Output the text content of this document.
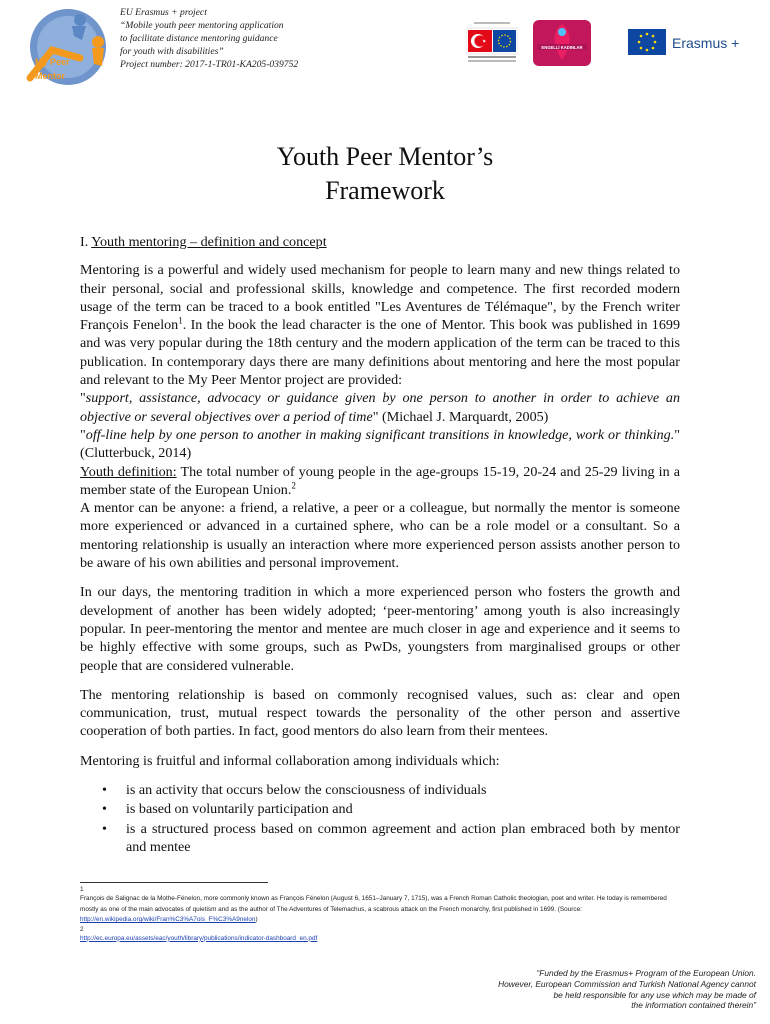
My Peer
Mentor
EU Erasmus + project
“Mobile youth peer mentoring application
to facilitate distance mentoring guidance
for youth with disabilities”
Project number: 2017-1-TR01-KA205-039752
ENGELLİ KADINLAR	Erasmus +
Youth Peer Mentor’s
Framework

I. Youth mentoring – definition and concept

Mentoring is a powerful and widely used mechanism for people to learn many and new things related to their personal, social and professional skills, knowledge and competence. The first recorded modern usage of the term can be traced to a book entitled "Les Aventures de Télémaque", by the French writer François Fenelon$^1$. In the book the lead character is the one of Mentor. This book was published in 1699 and was very popular during the 18th century and the modern application of the term can be traced to this publication. In contemporary days there are many definitions about mentoring and here the most popular and relevant to the My Peer Mentor project are provided:

"support, assistance, advocacy or guidance given by one person to another in order to achieve an objective or several objectives over a period of time" (Michael J. Marquardt, 2005)

"off-line help by one person to another in making significant transitions in knowledge, work or thinking." (Clutterbuck, 2014)

Youth definition: The total number of young people in the age-groups 15-19, 20-24 and 25-29 living in a member state of the European Union.$^2$

A mentor can be anyone: a friend, a relative, a peer or a colleague, but normally the mentor is someone more experienced or advanced in a curtained sphere, who can be a role model or a consultant. So a mentoring relationship is usually an interaction where more experienced person assists another person to be aware of his own abilities and personal improvement.

In our days, the mentoring tradition in which a more experienced person who fosters the growth and development of another has been widely adopted; ‘peer-mentoring’ among youth is also increasingly popular. In peer-mentoring the mentor and mentee are much closer in age and experience and it seems to be highly effective with some groups, such as PwDs, youngsters from marginalised groups or other people that are considered vulnerable.

The mentoring relationship is based on commonly recognised values, such as: clear and open communication, trust, mutual respect towards the personality of the other person and assertive cooperation of both parties. In fact, good mentors do also learn from their mentees.

Mentoring is fruitful and informal collaboration among individuals which:

• is an activity that occurs below the consciousness of individuals
• is based on voluntarily participation and
• is a structured process based on common agreement and action plan embraced both by mentor and mentee
1
François de Salignac de la Mothe-Fénelon, more commonly known as François Fénelon (August 6, 1651–January 7, 1715), was a French Roman Catholic theologian, poet and writer. He today is remembered mostly as one of the main advocates of quietism and as the author of The Adventures of Telemachus, a scabrous attack on the French monarchy, first published in 1699. (Source: http://en.wikipedia.org/wiki/Fran%C3%A7ois_F%C3%A9nelon)
2
http://ec.europa.eu/assets/eac/youth/library/publications/indicator-dashboard_en.pdf
“Funded by the Erasmus+ Program of the European Union.
However, European Commission and Turkish National Agency cannot
be held responsible for any use which may be made of
the information contained therein”
